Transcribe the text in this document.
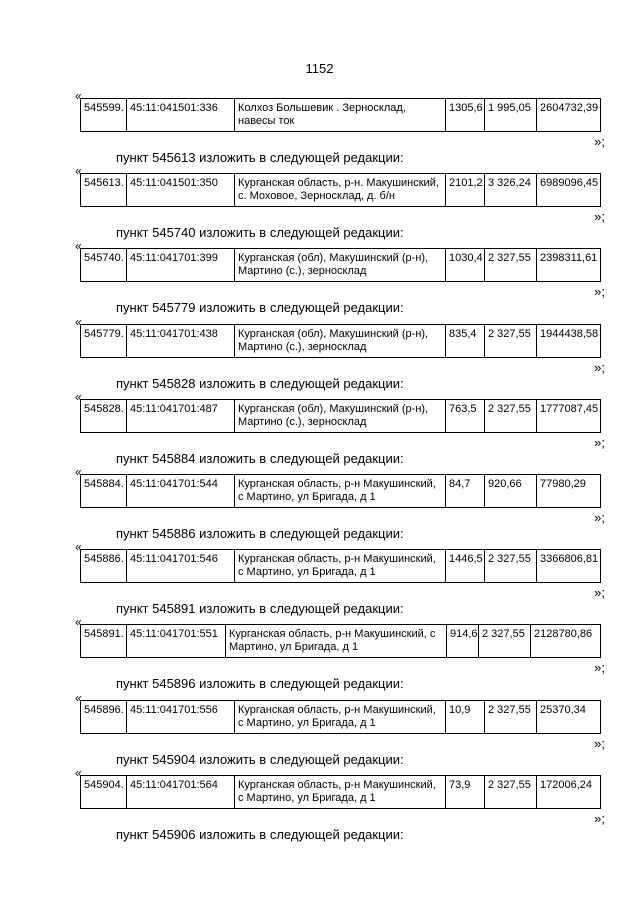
1152
«
545599.	45:11:041501:336	Колхоз Большевик . Зерносклад, навесы ток	1305,6	1 995,05	2604732,39
»;
пункт 545613 изложить в следующей редакции:
«
545613.	45:11:041501:350	Курганская область, р-н. Макушинский, с. Моховое, Зерносклад, д. б/н	2101,2	3 326,24	6989096,45
»;
пункт 545740 изложить в следующей редакции:
«
545740.	45:11:041701:399	Курганская (обл), Макушинский (р-н), Мартино (с.), зерносклад	1030,4	2 327,55	2398311,61
»;
пункт 545779 изложить в следующей редакции:
«
545779.	45:11:041701:438	Курганская (обл), Макушинский (р-н), Мартино (с.), зерносклад	835,4	2 327,55	1944438,58
»;
пункт 545828 изложить в следующей редакции:
«
545828.	45:11:041701:487	Курганская (обл), Макушинский (р-н), Мартино (с.), зерносклад	763,5	2 327,55	1777087,45
»;
пункт 545884 изложить в следующей редакции:
«
545884.	45:11:041701:544	Курганская область, р-н Макушинский, с Мартино, ул Бригада, д 1	84,7	920,66	77980,29
»;
пункт 545886 изложить в следующей редакции:
«
545886.	45:11:041701:546	Курганская область, р-н Макушинский, с Мартино, ул Бригада, д 1	1446,5	2 327,55	3366806,81
»;
пункт 545891 изложить в следующей редакции:
«
545891.	45:11:041701:551	Курганская область, р-н Макушинский, с Мартино, ул Бригада, д 1	914,6	2 327,55	2128780,86
»;
пункт 545896 изложить в следующей редакции:
«
545896.	45:11:041701:556	Курганская область, р-н Макушинский, с Мартино, ул Бригада, д 1	10,9	2 327,55	25370,34
»;
пункт 545904 изложить в следующей редакции:
«
545904.	45:11:041701:564	Курганская область, р-н Макушинский, с Мартино, ул Бригада, д 1	73,9	2 327,55	172006,24
»;
пункт 545906 изложить в следующей редакции:
